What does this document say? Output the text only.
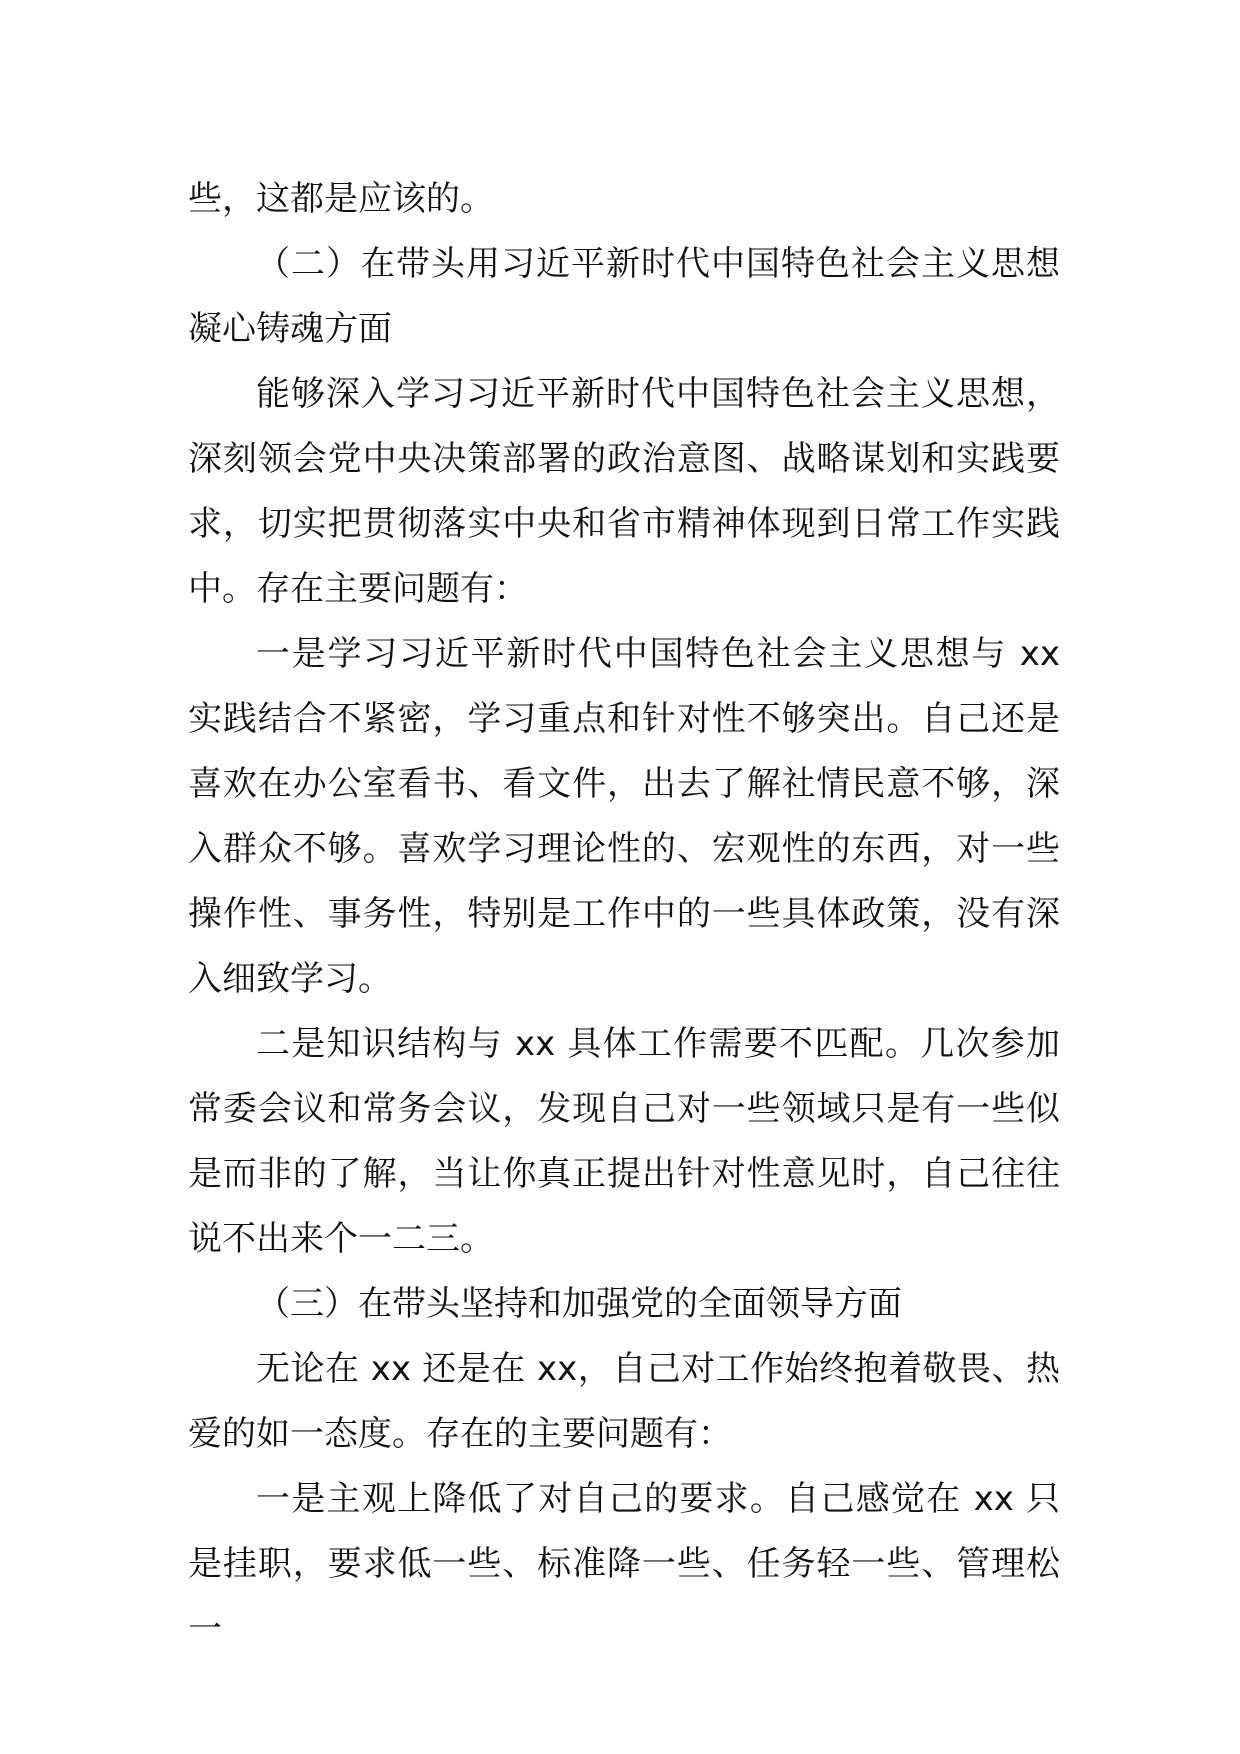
些，这都是应该的。

（二）在带头用习近平新时代中国特色社会主义思想凝心铸魂方面

能够深入学习习近平新时代中国特色社会主义思想，深刻领会党中央决策部署的政治意图、战略谋划和实践要求，切实把贯彻落实中央和省市精神体现到日常工作实践中。存在主要问题有：

一是学习习近平新时代中国特色社会主义思想与 xx 实践结合不紧密，学习重点和针对性不够突出。自己还是喜欢在办公室看书、看文件，出去了解社情民意不够，深入群众不够。喜欢学习理论性的、宏观性的东西，对一些操作性、事务性，特别是工作中的一些具体政策，没有深入细致学习。

二是知识结构与 xx 具体工作需要不匹配。几次参加常委会议和常务会议，发现自己对一些领域只是有一些似是而非的了解，当让你真正提出针对性意见时，自己往往说不出来个一二三。

（三）在带头坚持和加强党的全面领导方面

无论在 xx 还是在 xx，自己对工作始终抱着敬畏、热爱的如一态度。存在的主要问题有：

一是主观上降低了对自己的要求。自己感觉在 xx 只是挂职，要求低一些、标准降一些、任务轻一些、管理松一
